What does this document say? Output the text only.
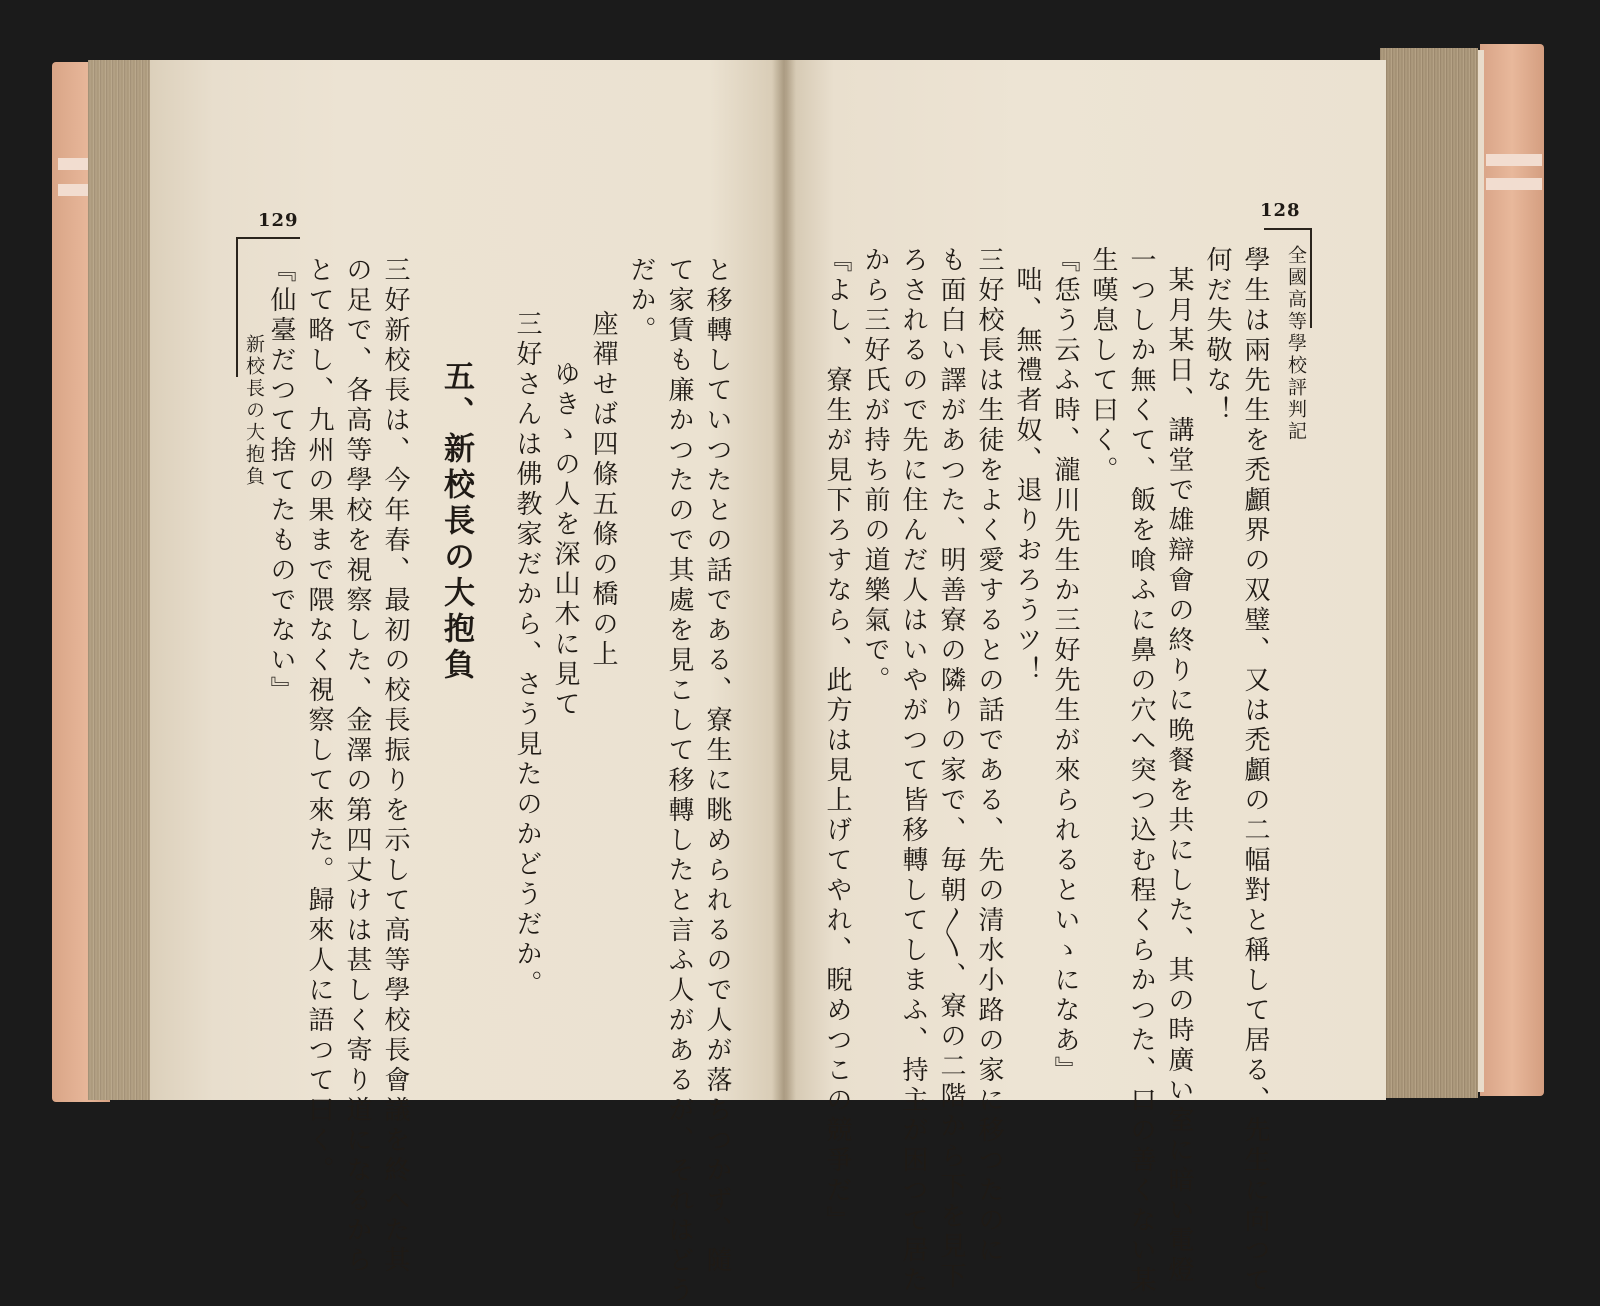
129
新校長の大抱負
だか。 て家賃も廉かつたので其處を見こして移轉したと言ふ人があるが、それはどう と移轉していつたとの話である、寮生に眺められるので人が落ちつかず、隨
座禪せば四條五條の橋の上
ゆきゝの人を深山木に見て
三好さんは佛教家だから、さう見たのかどうだか。
五、新校長の大抱負
三好新校長は、今年春、最初の校長振りを示して高等學校長會議を終へた其
の足で、各高等學校を視察した、金澤の第四丈けは甚しく寄り道になるから
とて略し、九州の果まで隈なく視察して來た。歸來人に語つて曰く。
『仙臺だつて捨てたものでない』
128
全國高等學校評判記
學生は兩先生を禿顱界の双璧、又は禿顱の二幅對と稱して居る、先生に向つて
何だ失敬な！
某月某日、講堂で雄辯會の終りに晩餐を共にした、其の時廣い室に暗い電燈
一つしか無くて、飯を喰ふに鼻の穴へ突つ込む程くらかつた、口の善くない某
生嘆息して曰く。
『恁う云ふ時、瀧川先生か三好先生が來られるといゝになあ』
咄、無禮者奴、退りおろうツ！
三好校長は生徒をよく愛するとの話である、先の清水小路の家に移つたのに
も面白い譯があつた、明善寮の隣りの家で、毎朝〳〵、寮の二階から下を見下
ろされるので先に住んだ人はいやがつて皆移轉してしまふ、持主が困つて居た
から三好氏が持ち前の道樂氣で。
『よし、寮生が見下ろすなら、此方は見上げてやれ、睨めつこの競爭だ』
